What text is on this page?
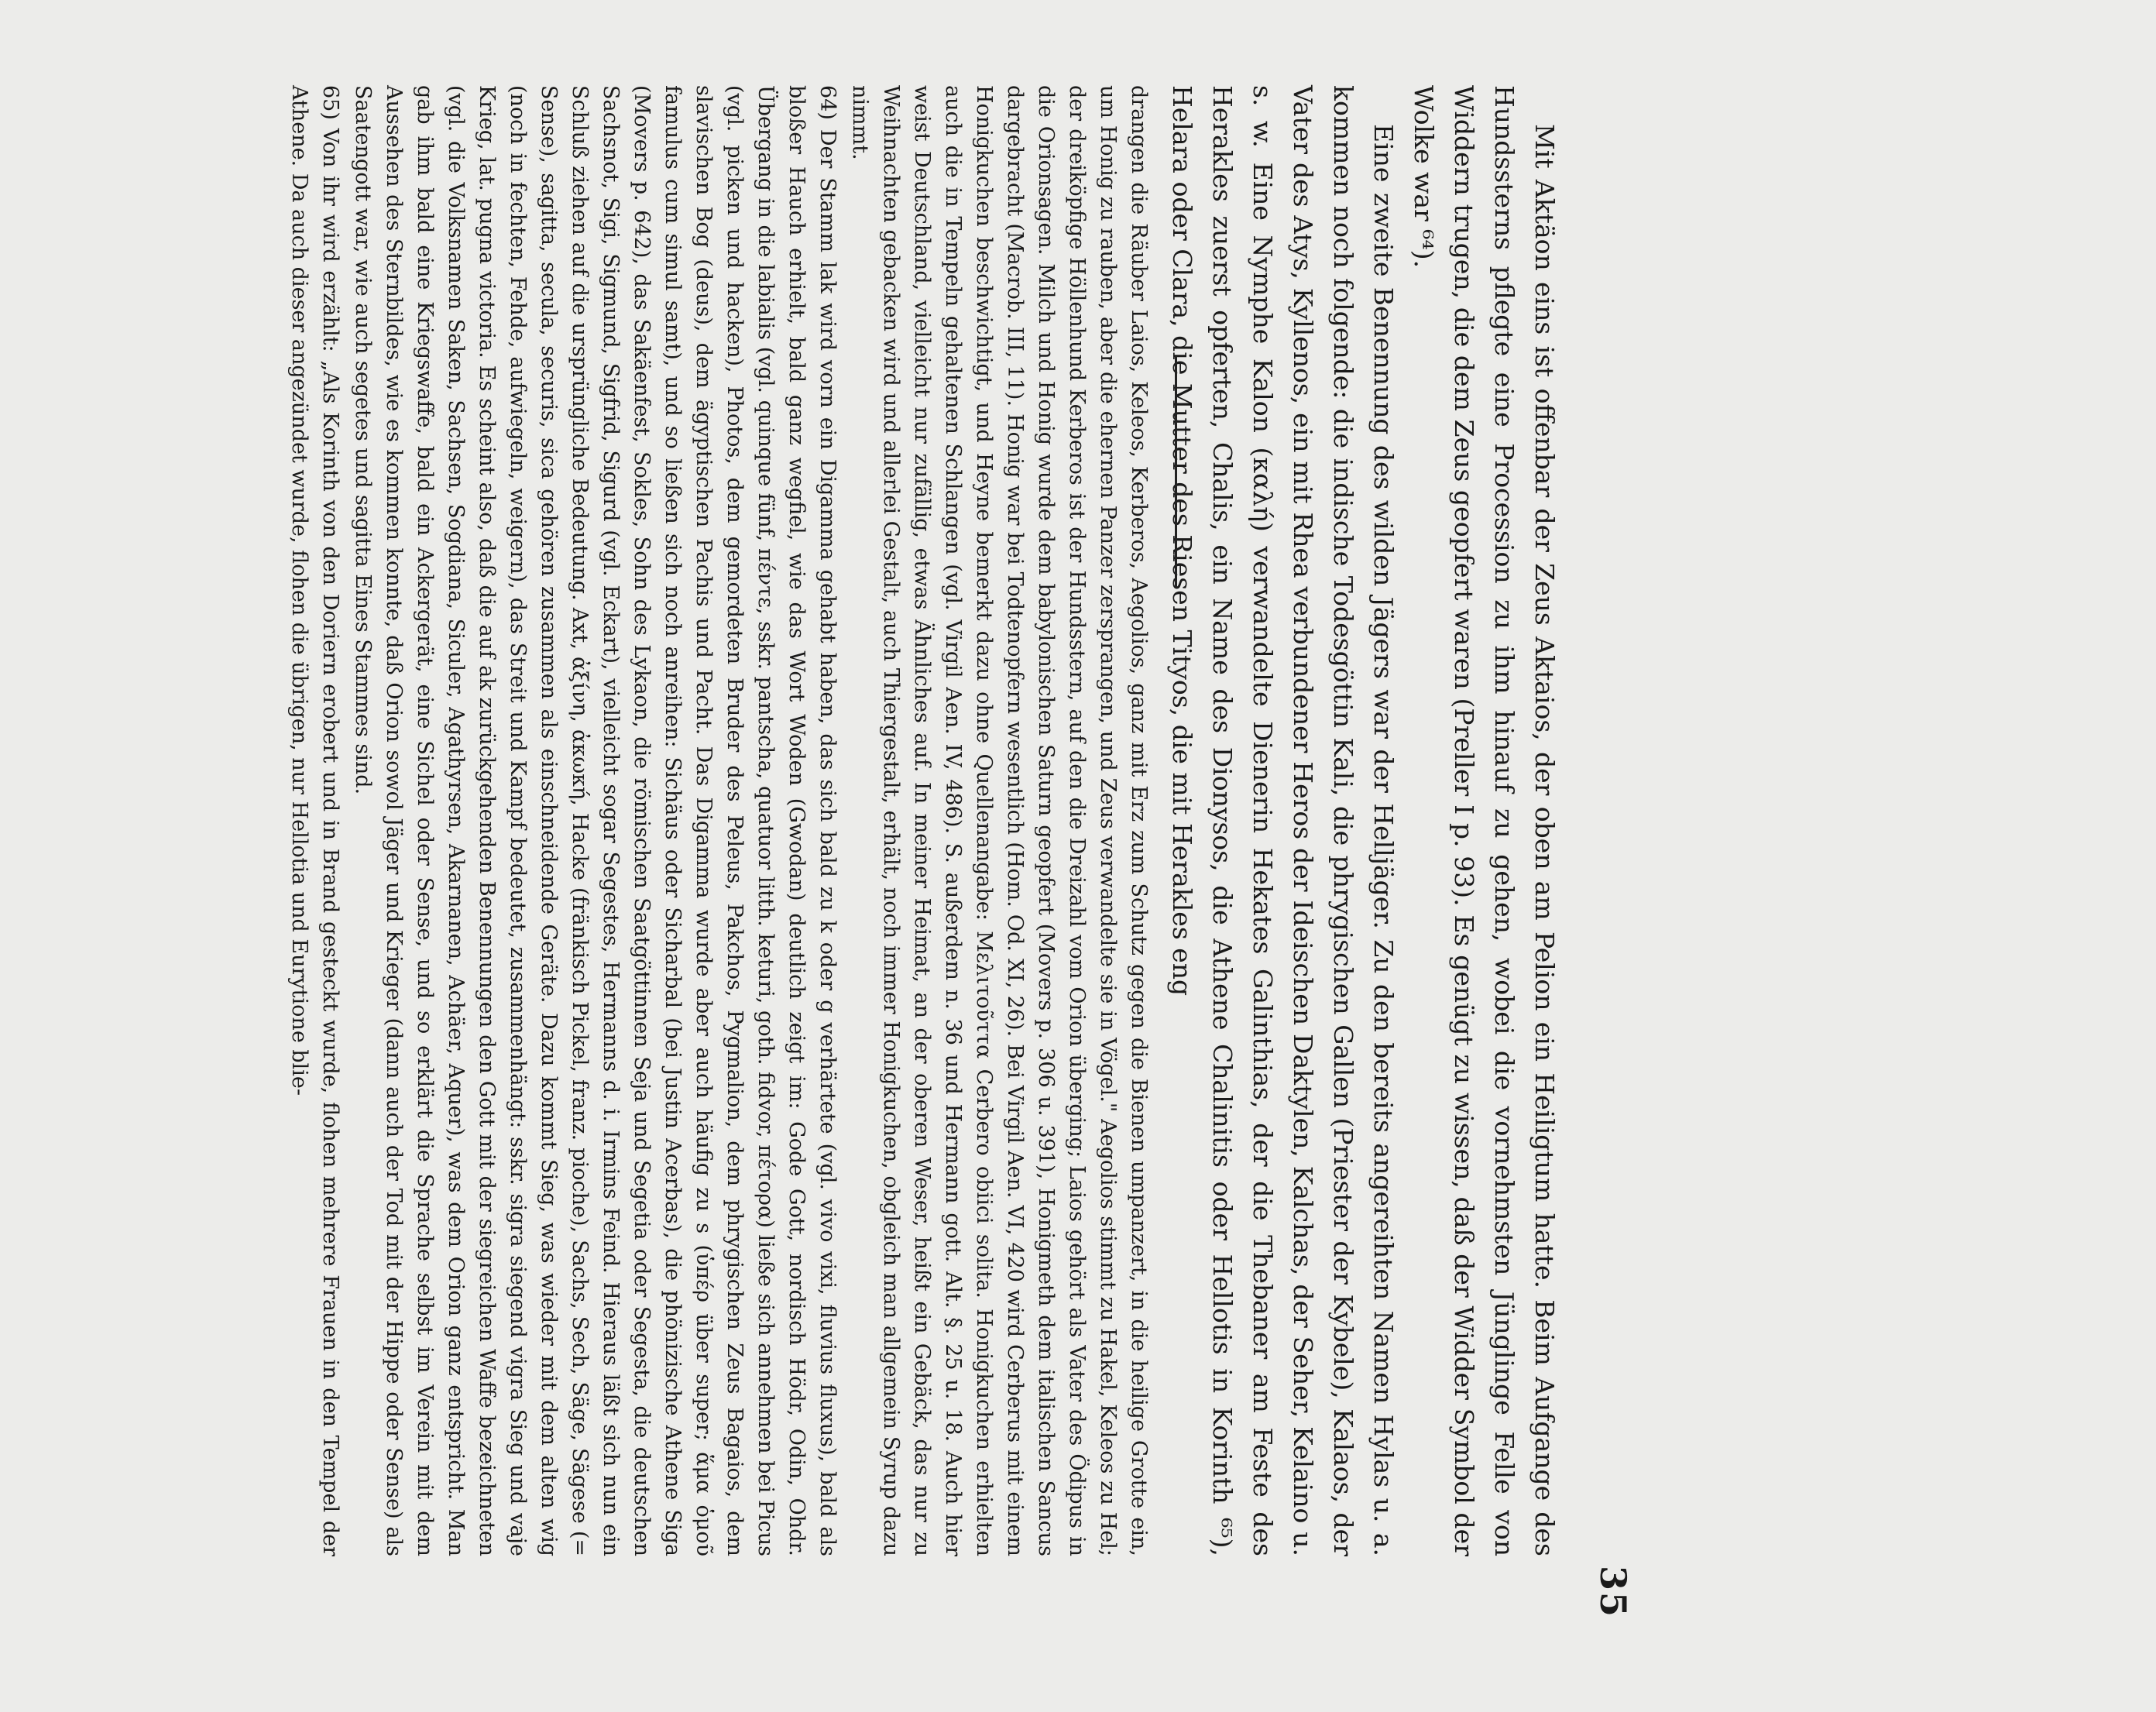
35

Mit Aktäon eins ist offenbar der Zeus Aktaios, der oben am Pelion ein Heiligtum hatte. Beim Aufgange des Hundssterns pflegte eine Procession zu ihm hinauf zu gehen, wobei die vornehmsten Jünglinge Felle von Widdern trugen, die dem Zeus geopfert waren (Preller I p. 93). Es genügt zu wissen, daß der Widder Symbol der Wolke war ⁶⁴).

Eine zweite Benennung des wilden Jägers war der Helljäger. Zu den bereits angereihten Namen Hylas u. a. kommen noch folgende: die indische Todesgöttin Kali, die phrygischen Gallen (Priester der Kybele), Kalaos, der Vater des Atys, Kyllenos, ein mit Rhea verbundener Heros der Ideischen Daktylen, Kalchas, der Seher, Kelaino u. s. w. Eine Nymphe Kalon (καλή) verwandelte Dienerin Hekates Galinthias, der die Thebaner am Feste des Herakles zuerst opferten, Chalis, ein Name des Dionysos, die Athene Chalinitis oder Hellotis in Korinth ⁶⁵), Helara oder Clara, die Mutter des Riesen Tityos, die mit Herakles eng

drangen die Räuber Laios, Keleos, Kerberos, Aegolios, ganz mit Erz zum Schutz gegen die Bienen umpanzert, in die heilige Grotte ein, um Honig zu rauben, aber die ehernen Panzer zersprangen, und Zeus verwandelte sie in Vögel." Aegolios stimmt zu Hakel, Keleos zu Hel; der dreiköpfige Höllenhund Kerberos ist der Hundsstern, auf den die Dreizahl vom Orion überging; Laios gehört als Vater des Ödipus in die Orionsagen. Milch und Honig wurde dem babylonischen Saturn geopfert (Movers p. 306 u. 391), Honigmeth dem italischen Sancus dargebracht (Macrob. III, 11). Honig war bei Todtenopfern wesentlich (Hom. Od. XI, 26). Bei Virgil Aen. VI, 420 wird Cerberus mit einem Honigkuchen beschwichtigt, und Heyne bemerkt dazu ohne Quellenangabe: Μελιτοῦττα Cerbero obiici solita. Honigkuchen erhielten auch die in Tempeln gehaltenen Schlangen (vgl. Virgil Aen. IV, 486). S. außerdem n. 36 und Hermann gott. Alt. §. 25 u. 18. Auch hier weist Deutschland, vielleicht nur zufällig, etwas Ähnliches auf. In meiner Heimat, an der oberen Weser, heißt ein Gebäck, das nur zu Weihnachten gebacken wird und allerlei Gestalt, auch Thiergestalt, erhält, noch immer Honigkuchen, obgleich man allgemein Syrup dazu nimmt.

64) Der Stamm lak wird vorn ein Digamma gehabt haben, das sich bald zu k oder g verhärtete (vgl. vivo vixi, fluvius fluxus), bald als bloßer Hauch erhielt, bald ganz wegfiel, wie das Wort Woden (Gwodan) deutlich zeigt im: Gode Gott, nordisch Hödr, Odin, Ohdr. Übergang in die labialis (vgl. quinque fünf, πέντε, sskr. pantscha, quatuor litth. keturi, goth. fidvor, πέτορα) ließe sich annehmen bei Picus (vgl. picken und hacken), Photos, dem gemordeten Bruder des Peleus, Pakchos, Pygmalion, dem phrygischen Zeus Bagaios, dem slavischen Bog (deus), dem ägyptischen Pachis und Pacht. Das Digamma wurde aber auch häufig zu s (ὑπέρ über super; ἅμα ὁμοῦ famulus cum simul samt), und so ließen sich noch anreihen: Sichäus oder Sicharbal (bei Justin Acerbas), die phönizische Athene Siga (Movers p. 642), das Sakäenfest, Sokles, Sohn des Lykaon, die römischen Saatgöttinnen Seja und Segetia oder Segesta, die deutschen Sachsnot, Sigi, Sigmund, Sigfrid, Sigurd (vgl. Eckart), vielleicht sogar Segestes, Hermanns d. i. Irmins Feind. Hieraus läßt sich nun ein Schluß ziehen auf die ursprüngliche Bedeutung. Axt, ἀξίνη, ἀκωκή, Hacke (fränkisch Pickel, franz. pioche), Sachs, Sech, Säge, Sägese (= Sense), sagitta, secula, securis, sica gehören zusammen als einschneidende Geräte. Dazu kommt Sieg, was wieder mit dem alten wig (noch in fechten, Fehde, aufwiegeln, weigern), das Streit und Kampf bedeutet, zusammenhängt: sskr. sigra siegend vigra Sieg und vaje Krieg, lat. pugna victoria. Es scheint also, daß die auf ak zurückgehenden Benennungen den Gott mit der siegreichen Waffe bezeichneten (vgl. die Volksnamen Saken, Sachsen, Sogdiana, Siculer, Agathyrsen, Akarnanen, Achäer, Aquer), was dem Orion ganz entspricht. Man gab ihm bald eine Kriegswaffe, bald ein Ackergerät, eine Sichel oder Sense, und so erklärt die Sprache selbst im Verein mit dem Aussehen des Sternbildes, wie es kommen konnte, daß Orion sowol Jäger und Krieger (dann auch der Tod mit der Hippe oder Sense) als Saatengott war, wie auch segetes und sagitta Eines Stammes sind.

65) Von ihr wird erzählt: „Als Korinth von den Doriern erobert und in Brand gesteckt wurde, flohen mehrere Frauen in den Tempel der Athene. Da auch dieser angezündet wurde, flohen die übrigen, nur Hellotia und Eurytione blie-
